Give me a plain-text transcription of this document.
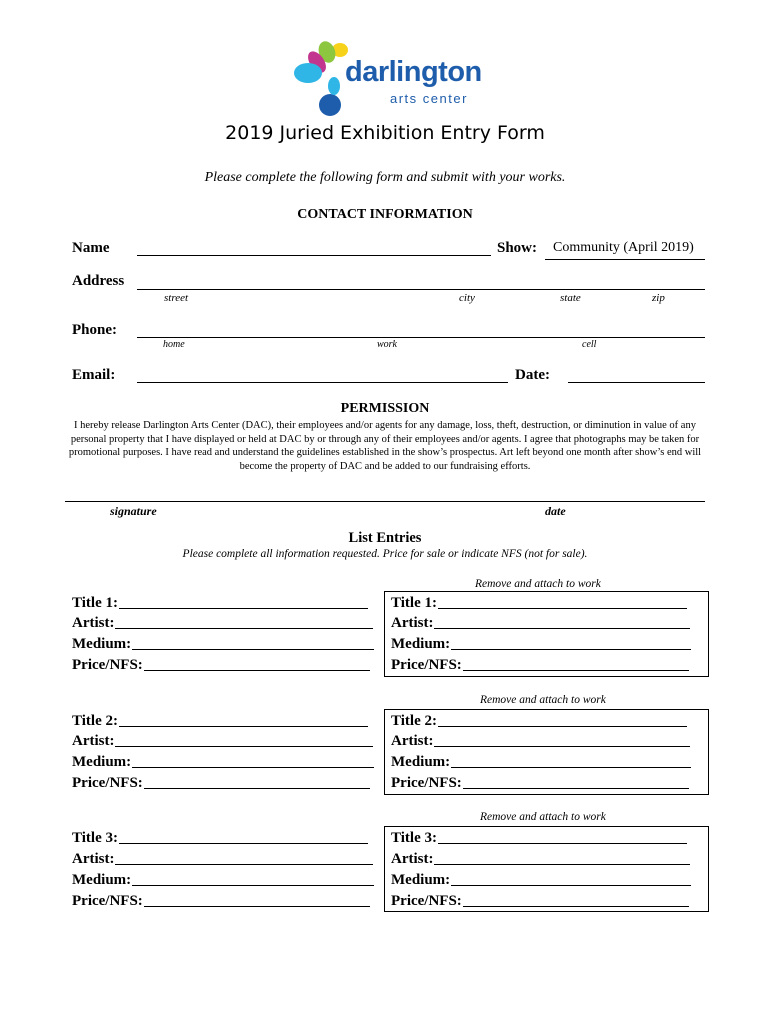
darlington
arts center
2019 Juried Exhibition Entry Form
Please complete the following form and submit with your works.
CONTACT INFORMATION
Name	Show: Community (April 2019)
Address
street	city	state	zip
Phone:
home	work	cell
Email:	Date:
PERMISSION
I hereby release Darlington Arts Center (DAC), their employees and/or agents for any damage, loss, theft, destruction, or diminution in value of any personal property that I have displayed or held at DAC by or through any of their employees and/or agents. I agree that photographs may be taken for promotional purposes. I have read and understand the guidelines established in the show’s prospectus. Art left beyond one month after show’s end will become the property of DAC and be added to our fundraising efforts.
signature	date
List Entries
Please complete all information requested. Price for sale or indicate NFS (not for sale).
Remove and attach to work
Title 1:
Artist:
Medium:
Price/NFS:
Title 1:
Artist:
Medium:
Price/NFS:
Remove and attach to work
Title 2:
Artist:
Medium:
Price/NFS:
Title 2:
Artist:
Medium:
Price/NFS:
Remove and attach to work
Title 3:
Artist:
Medium:
Price/NFS:
Title 3:
Artist:
Medium:
Price/NFS:
